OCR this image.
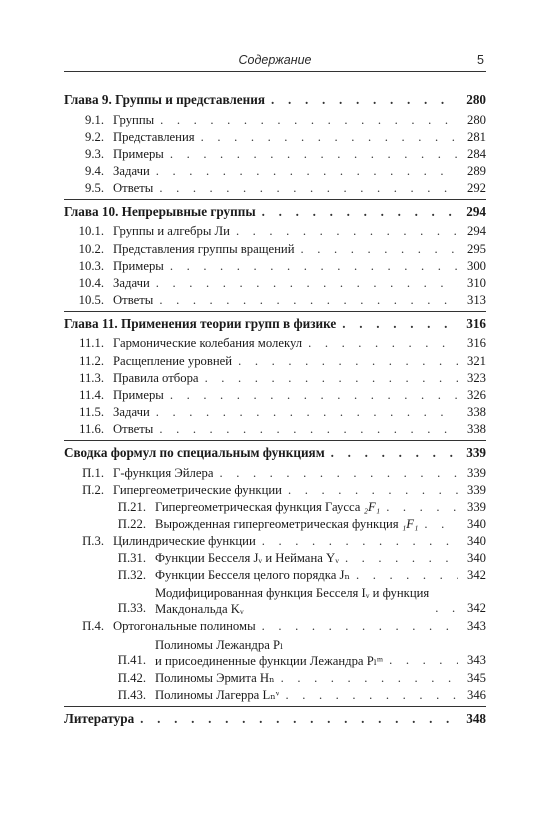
Содержание	5
Глава 9. Группы и представления . . .	280
9.1. Группы . . .	280
9.2. Представления . . .	281
9.3. Примеры . . .	284
9.4. Задачи . . .	289
9.5. Ответы . . .	292
Глава 10. Непрерывные группы . . .	294
10.1. Группы и алгебры Ли . . .	294
10.2. Представления группы вращений . . .	295
10.3. Примеры . . .	300
10.4. Задачи . . .	310
10.5. Ответы . . .	313
Глава 11. Применения теории групп в физике . . .	316
11.1. Гармонические колебания молекул . . .	316
11.2. Расщепление уровней . . .	321
11.3. Правила отбора . . .	323
11.4. Примеры . . .	326
11.5. Задачи . . .	338
11.6. Ответы . . .	338
Сводка формул по специальным функциям . . .	339
П.1. Г-функция Эйлера . . .	339
П.2. Гипергеометрические функции . . .	339
П.21. Гипергеометрическая функция Гаусса ₂F₁ . . .	339
П.22. Вырожденная гипергеометрическая функция ₁F₁ . . .	340
П.3. Цилиндрические функции . . .	340
П.31. Функции Бесселя Jᵥ и Неймана Yᵥ . . .	340
П.32. Функции Бесселя целого порядка Jₙ . . .	342
П.33.
Модифицированная функция Бесселя Iᵥ и функция
Макдональда Kᵥ . . .	342
П.4. Ортогональные полиномы . . .	343
П.41.
Полиномы Лежандра Pₗ
и присоединенные функции Лежандра Pₗᵐ . . .	343
П.42. Полиномы Эрмита Hₙ . . .	345
П.43. Полиномы Лагерра Lₙᵛ . . .	346
Литература . . .	348
